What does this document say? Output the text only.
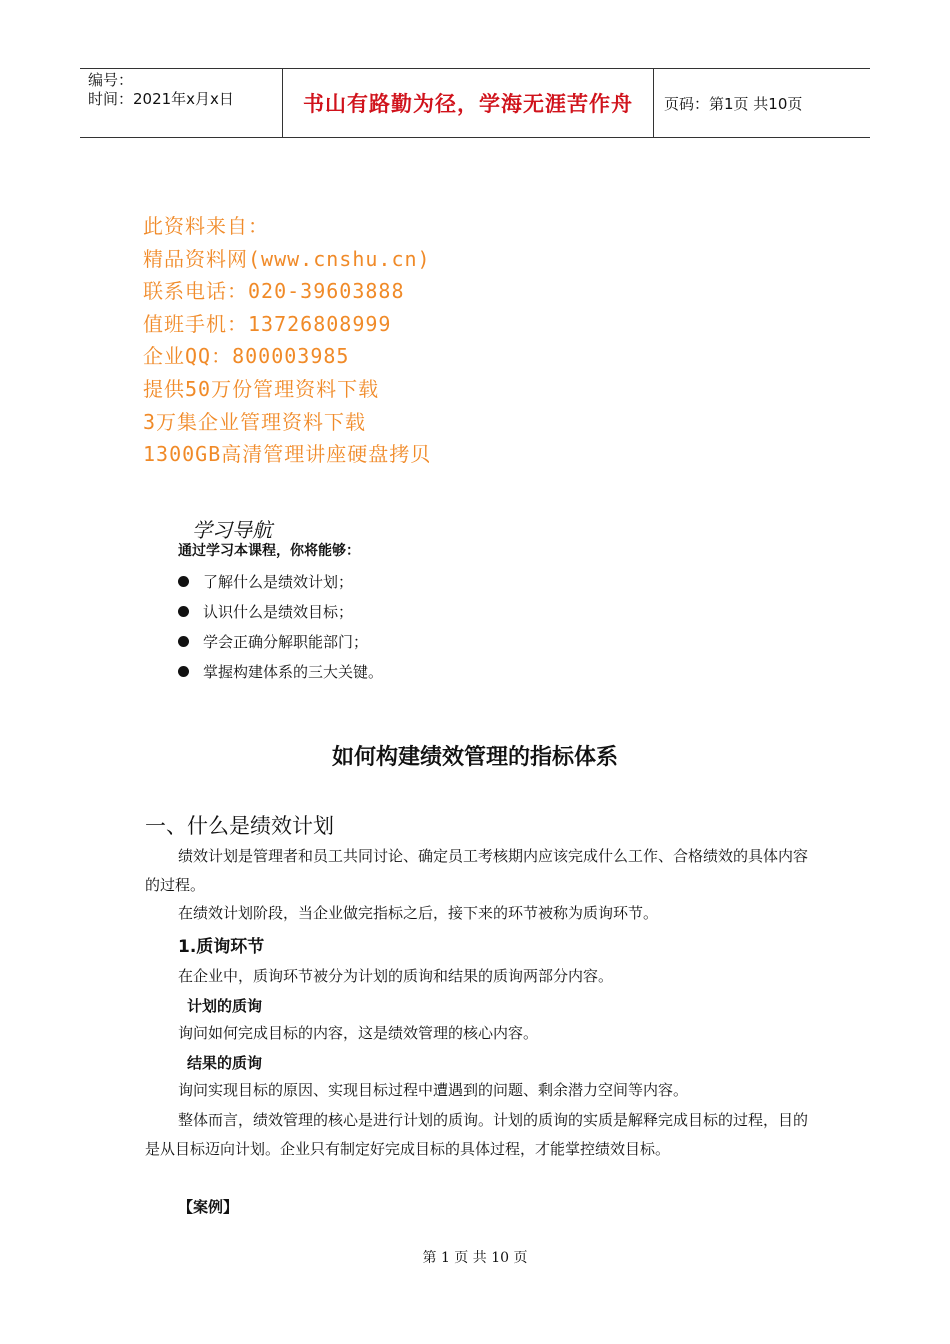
编号：
时间：2021年x月x日	书山有路勤为径，学海无涯苦作舟	页码：第1页 共10页
此资料来自：
精品资料网(www.cnshu.cn)
联系电话：020-39603888
值班手机：13726808999
企业QQ：800003985
提供50万份管理资料下载
3万集企业管理资料下载
1300GB高清管理讲座硬盘拷贝
学习导航
通过学习本课程，你将能够：
了解什么是绩效计划；
认识什么是绩效目标；
学会正确分解职能部门；
掌握构建体系的三大关键。
如何构建绩效管理的指标体系
一、什么是绩效计划
绩效计划是管理者和员工共同讨论、确定员工考核期内应该完成什么工作、合格绩效的具体内容的过程。
在绩效计划阶段，当企业做完指标之后，接下来的环节被称为质询环节。
1.质询环节
在企业中，质询环节被分为计划的质询和结果的质询两部分内容。
计划的质询
询问如何完成目标的内容，这是绩效管理的核心内容。
结果的质询
询问实现目标的原因、实现目标过程中遭遇到的问题、剩余潜力空间等内容。
整体而言，绩效管理的核心是进行计划的质询。计划的质询的实质是解释完成目标的过程，目的是从目标迈向计划。企业只有制定好完成目标的具体过程，才能掌控绩效目标。
【案例】
第 1 页 共 10 页
